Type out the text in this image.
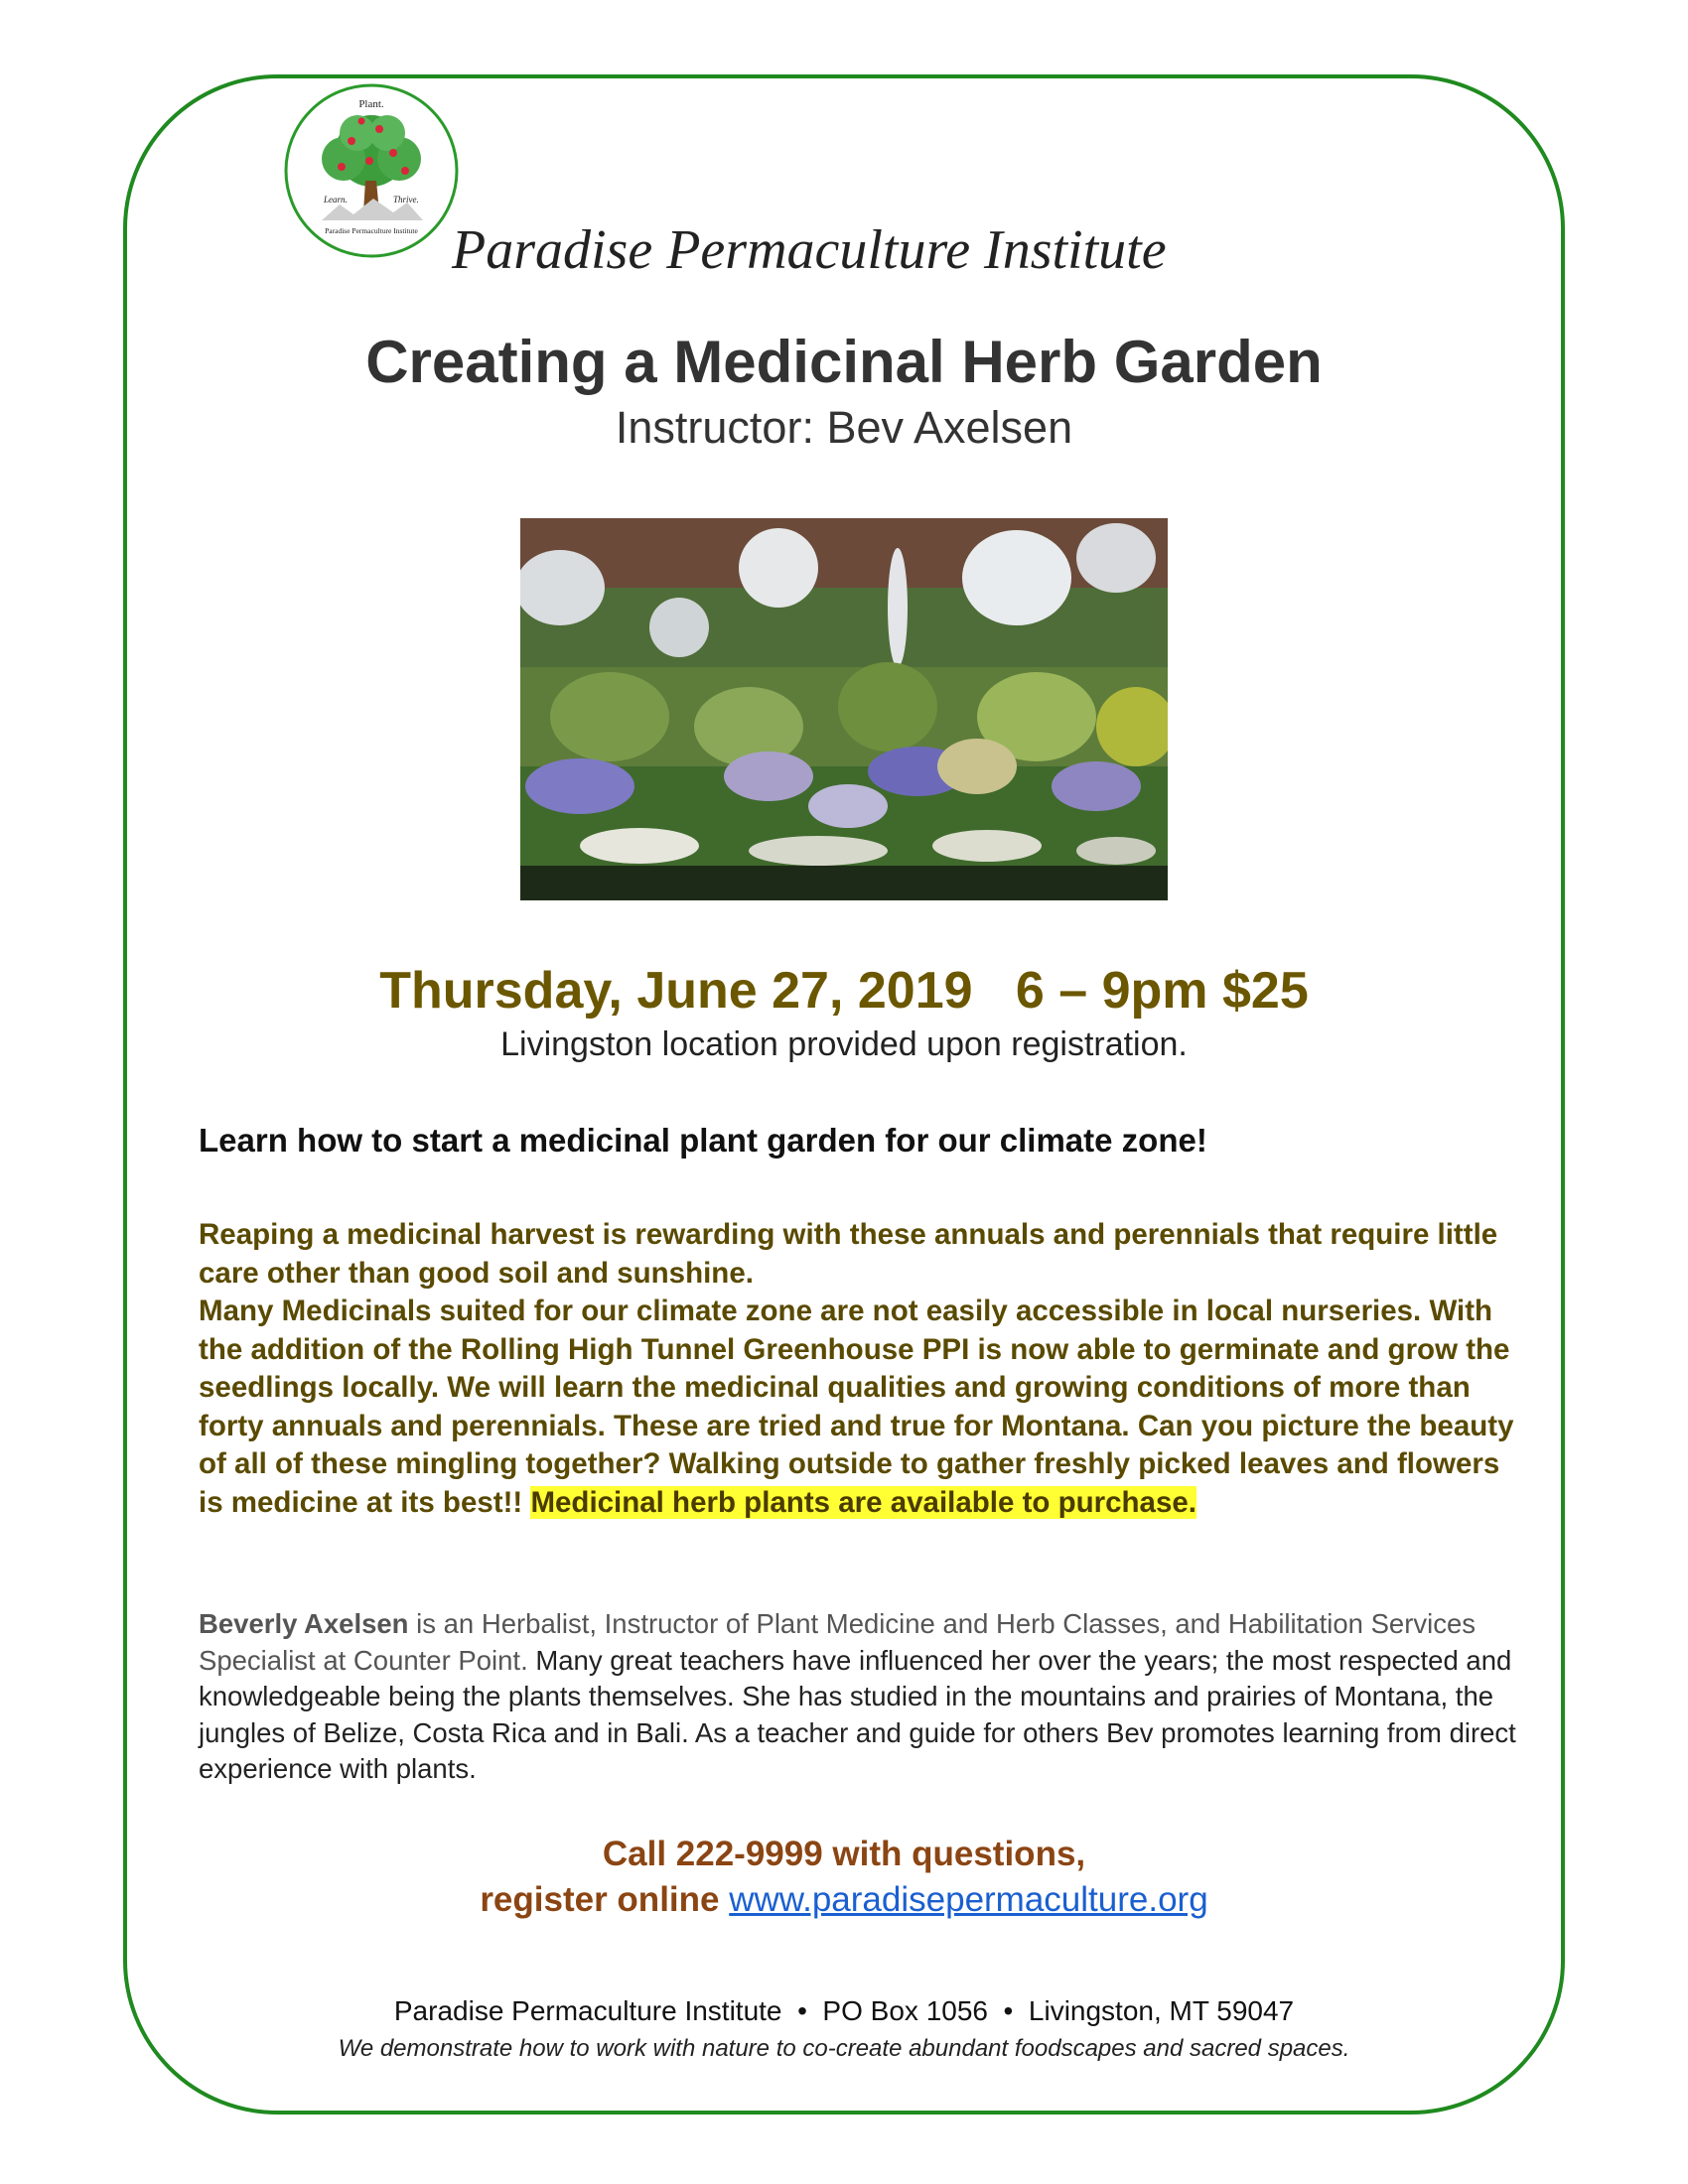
Plant.
Learn.	Thrive.
Paradise Permaculture Institute Paradise Permaculture Institute
Creating a Medicinal Herb Garden
Instructor: Bev Axelsen
Thursday, June 27, 2019   6 – 9pm $25
Livingston location provided upon registration.
Learn how to start a medicinal plant garden for our climate zone!

Reaping a medicinal harvest is rewarding with these annuals and perennials that require little care other than good soil and sunshine.

Many Medicinals suited for our climate zone are not easily accessible in local nurseries. With the addition of the Rolling High Tunnel Greenhouse PPI is now able to germinate and grow the seedlings locally. We will learn the medicinal qualities and growing conditions of more than forty annuals and perennials. These are tried and true for Montana. Can you picture the beauty of all of these mingling together? Walking outside to gather freshly picked leaves and flowers is medicine at its best!! Medicinal herb plants are available to purchase.

Beverly Axelsen is an Herbalist, Instructor of Plant Medicine and Herb Classes, and Habilitation Services Specialist at Counter Point. Many great teachers have influenced her over the years; the most respected and knowledgeable being the plants themselves. She has studied in the mountains and prairies of Montana, the jungles of Belize, Costa Rica and in Bali. As a teacher and guide for others Bev promotes learning from direct experience with plants.
Call 222-9999 with questions,
register online www.paradisepermaculture.org
Paradise Permaculture Institute  •  PO Box 1056  •  Livingston, MT 59047
We demonstrate how to work with nature to co-create abundant foodscapes and sacred spaces.
